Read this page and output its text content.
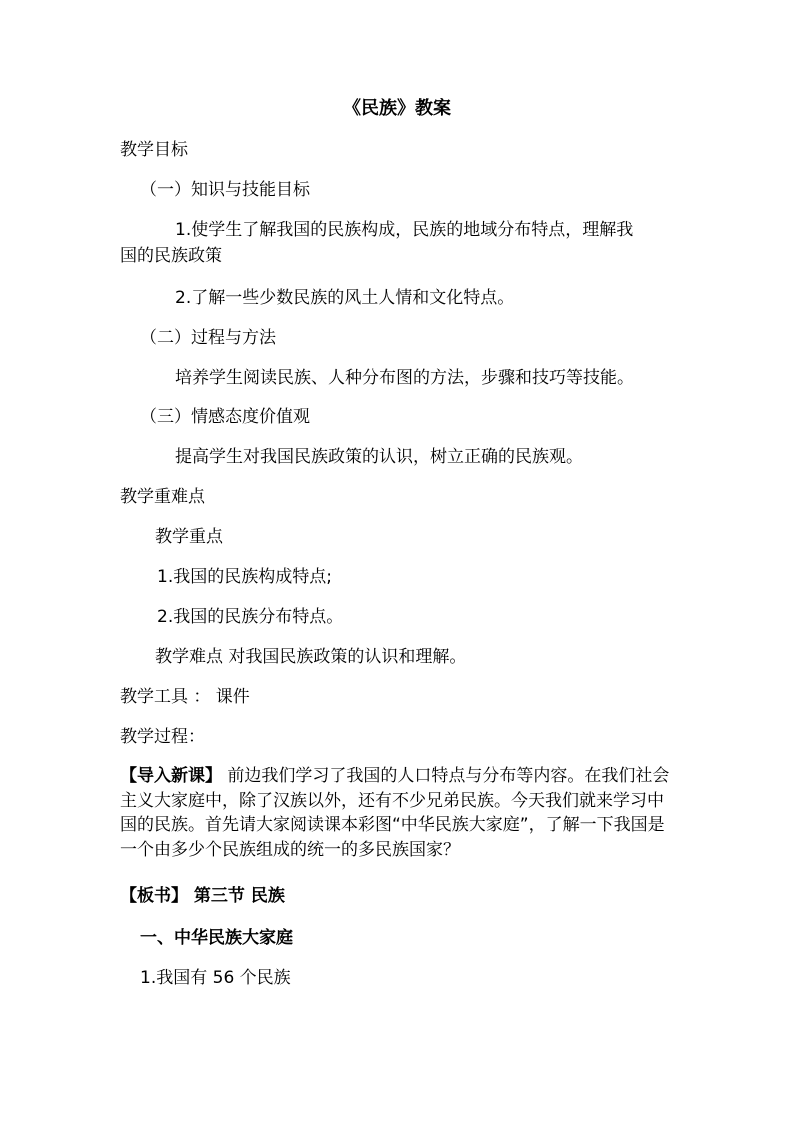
《民族》教案
教学目标
（一）知识与技能目标
1.使学生了解我国的民族构成，民族的地域分布特点，理解我
国的民族政策
2.了解一些少数民族的风土人情和文化特点。
（二）过程与方法
培养学生阅读民族、人种分布图的方法，步骤和技巧等技能。
（三）情感态度价值观
提高学生对我国民族政策的认识，树立正确的民族观。
教学重难点
教学重点
1.我国的民族构成特点;
2.我国的民族分布特点。
教学难点 对我国民族政策的认识和理解。
教学工具 ： 课件
教学过程：
【导入新课】 前边我们学习了我国的人口特点与分布等内容。在我们社会主义大家庭中，除了汉族以外，还有不少兄弟民族。今天我们就来学习中国的民族。首先请大家阅读课本彩图“中华民族大家庭”，了解一下我国是一个由多少个民族组成的统一的多民族国家？
【板书】 第三节 民族
一、中华民族大家庭
1.我国有 56 个民族
